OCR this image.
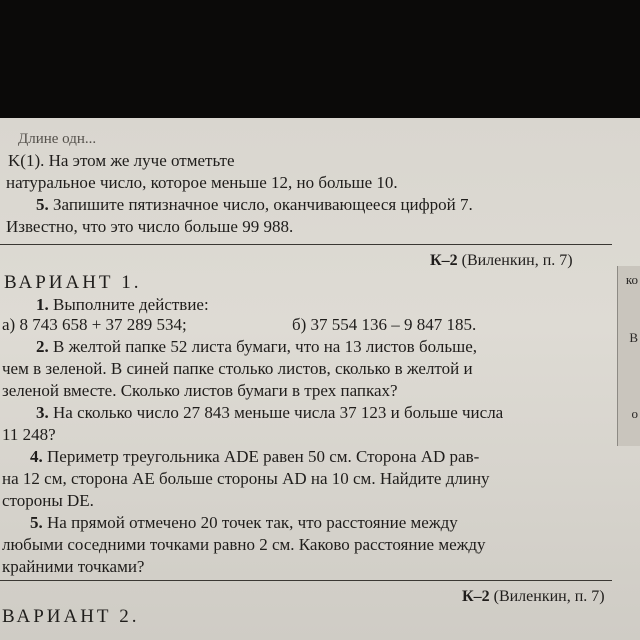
ко
В
о
Длине одн...
K(1). На этом же луче отметьте
натуральное число, которое меньше 12, но больше 10.
5. Запишите пятизначное число, оканчивающееся цифрой 7.
Известно, что это число больше 99 988.
К–2 (Виленкин, п. 7)
ВАРИАНТ 1.
1. Выполните действие:
а) 8 743 658 + 37 289 534;	б) 37 554 136 – 9 847 185.
2. В желтой папке 52 листа бумаги, что на 13 листов больше,
чем в зеленой. В синей папке столько листов, сколько в желтой и
зеленой вместе. Сколько листов бумаги в трех папках?
3. На сколько число 27 843 меньше числа 37 123 и больше числа
11 248?
4. Периметр треугольника ADE равен 50 см. Сторона AD рав-
на 12 см, сторона AE больше стороны AD на 10 см. Найдите длину
стороны DE.
5. На прямой отмечено 20 точек так, что расстояние между
любыми соседними точками равно 2 см. Каково расстояние между
крайними точками?
К–2 (Виленкин, п. 7)
ВАРИАНТ 2.
